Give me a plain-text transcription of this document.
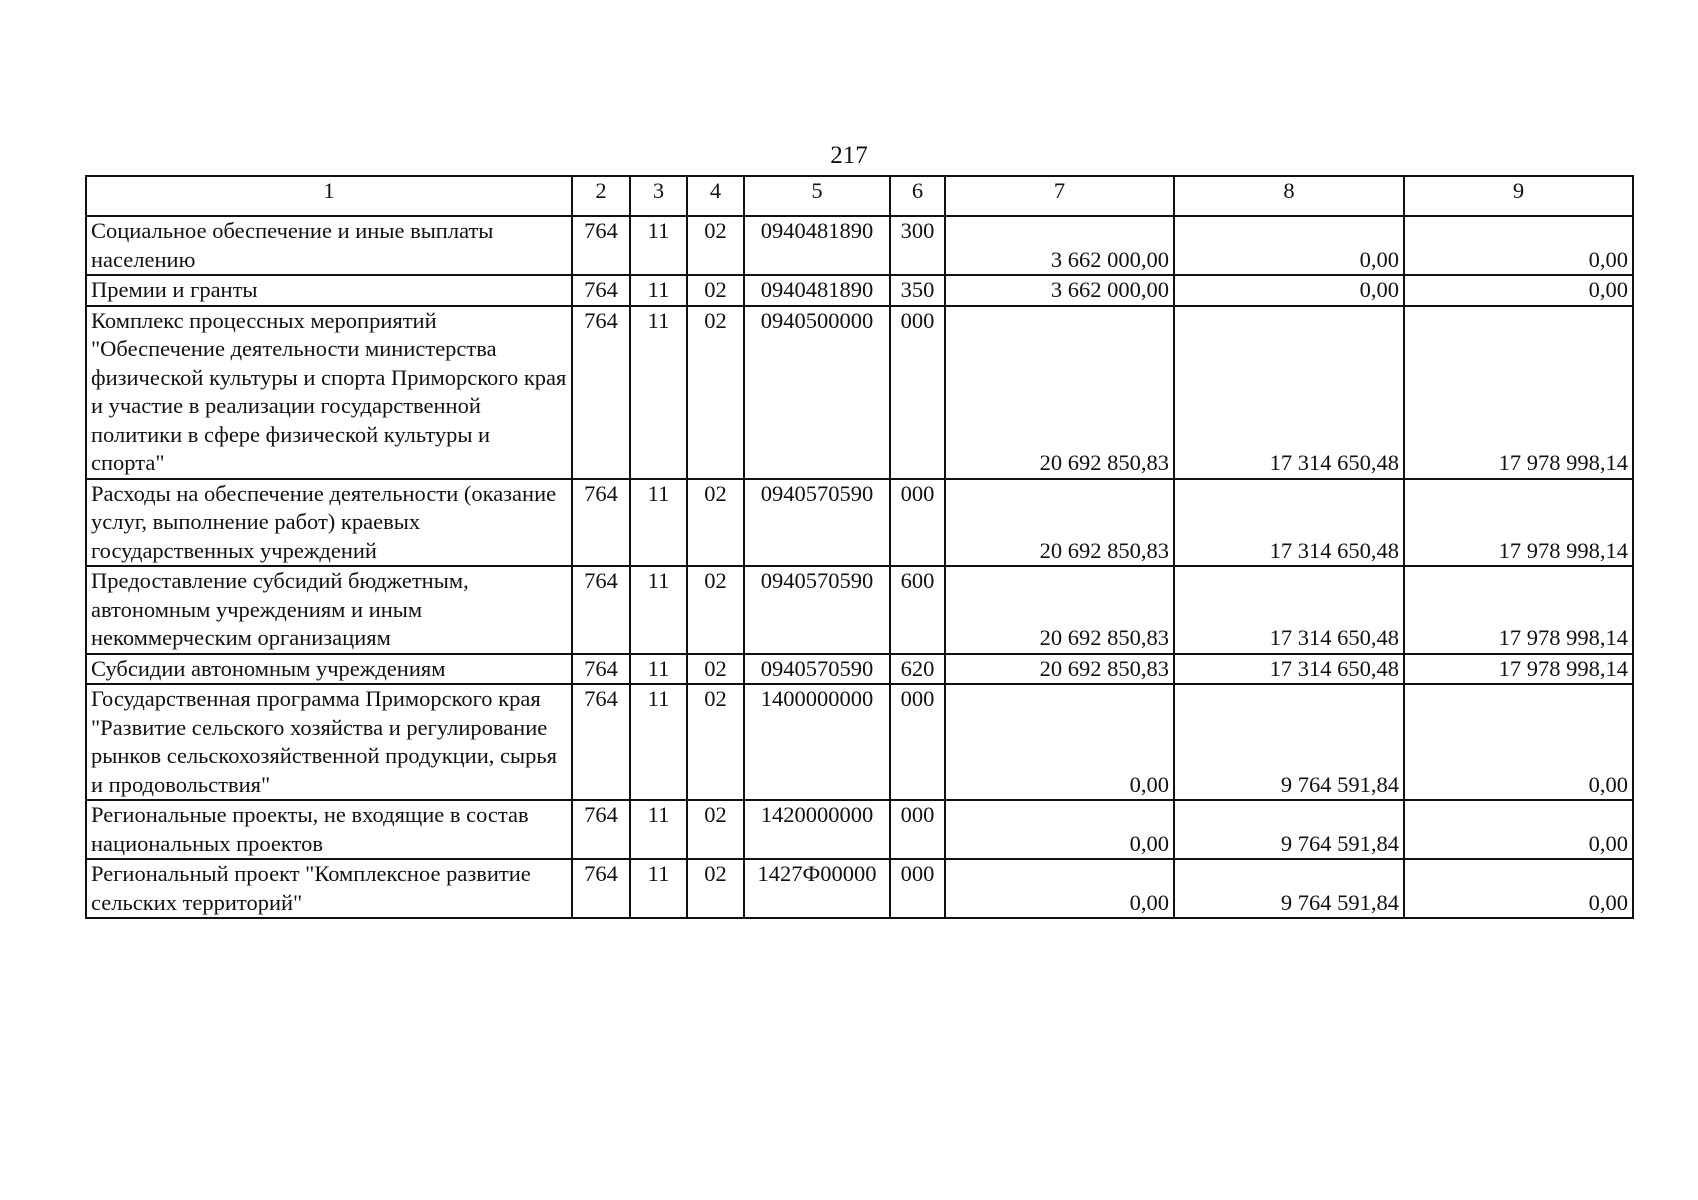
217
1	2	3	4	5	6	7	8	9
Социальное обеспечение и иные выплаты населению	764	11	02	0940481890	300	3 662 000,00	0,00	0,00
Премии и гранты	764	11	02	0940481890	350	3 662 000,00	0,00	0,00
Комплекс процессных мероприятий "Обеспечение деятельности министерства физической культуры и спорта Приморского края и участие в реализации государственной политики в сфере физической культуры и спорта"	764	11	02	0940500000	000	20 692 850,83	17 314 650,48	17 978 998,14
Расходы на обеспечение деятельности (оказание услуг, выполнение работ) краевых государственных учреждений	764	11	02	0940570590	000	20 692 850,83	17 314 650,48	17 978 998,14
Предоставление субсидий бюджетным, автономным учреждениям и иным некоммерческим организациям	764	11	02	0940570590	600	20 692 850,83	17 314 650,48	17 978 998,14
Субсидии автономным учреждениям	764	11	02	0940570590	620	20 692 850,83	17 314 650,48	17 978 998,14
Государственная программа Приморского края "Развитие сельского хозяйства и регулирование рынков сельскохозяйственной продукции, сырья и продовольствия"	764	11	02	1400000000	000	0,00	9 764 591,84	0,00
Региональные проекты, не входящие в состав национальных проектов	764	11	02	1420000000	000	0,00	9 764 591,84	0,00
Региональный проект "Комплексное развитие сельских территорий"	764	11	02	1427Ф00000	000	0,00	9 764 591,84	0,00
